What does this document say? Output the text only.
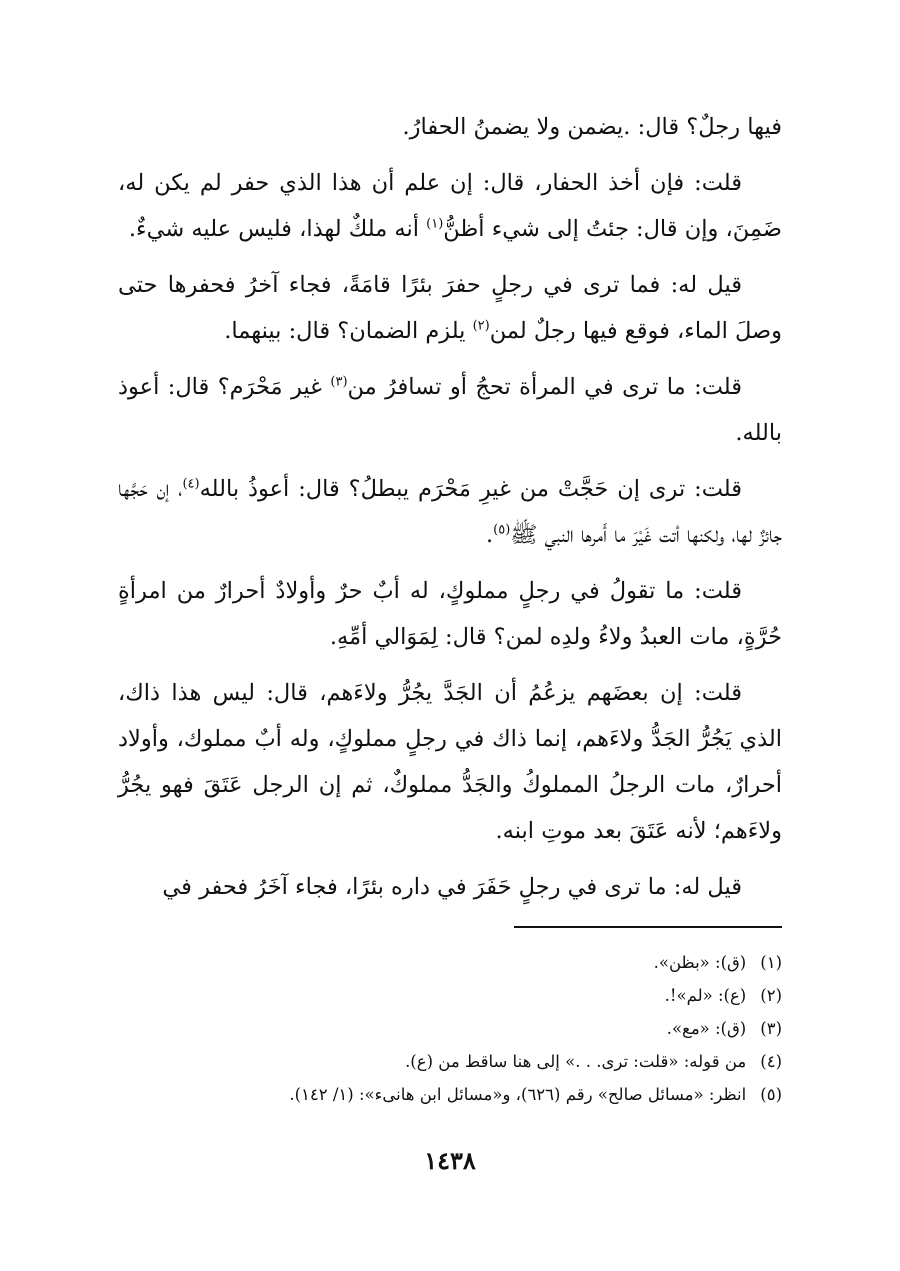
فيها رجلٌ؟ قال: .يضمن ولا يضمنُ الحفارُ.

قلت: فإن أخذ الحفار، قال: إن علم أن هذا الذي حفر لم يكن له، ضَمِنَ، وإن قال: جئتُ إلى شيء أظنُّ$^{(١)}$ أنه ملكٌ لهذا، فليس عليه شيءٌ.

قيل له: فما ترى في رجلٍ حفرَ بئرًا قامَةً، فجاء آخرُ فحفرها حتى وصلَ الماء، فوقع فيها رجلٌ لمن$^{(٢)}$ يلزم الضمان؟ قال: بينهما.

قلت: ما ترى في المرأة تحجُ أو تسافرُ من$^{(٣)}$ غير مَحْرَم؟ قال: أعوذ بالله.

قلت: ترى إن حَجَّتْ من غيرِ مَحْرَم يبطلُ؟ قال: أعوذُ بالله$^{(٤)}$، إن حَجَّها جائزٌ لها، ولكنها أتت غَيْرَ ما أَمرها النبي ﷺ$^{(٥)}$.

قلت: ما تقولُ في رجلٍ مملوكٍ، له أبٌ حرٌ وأولادٌ أحرارٌ من امرأةٍ حُرَّةٍ، مات العبدُ ولاءُ ولدِه لمن؟ قال: لِمَوَالي أمِّهِ.

قلت: إن بعضَهم يزعُمُ أن الجَدَّ يجُرُّ ولاءَهم، قال: ليس هذا ذاك، الذي يَجُرُّ الجَدُّ ولاءَهم، إنما ذاك في رجلٍ مملوكٍ، وله أبٌ مملوك، وأولاد أحرارٌ، مات الرجلُ المملوكُ والجَدُّ مملوكٌ، ثم إن الرجل عَتَقَ فهو يجُرُّ ولاءَهم؛ لأنه عَتَقَ بعد موتِ ابنه.

قيل له: ما ترى في رجلٍ حَفَرَ في داره بئرًا، فجاء آخَرُ فحفر في

(١)
(ق): «بظن».
(٢)
(ع): «لم»!.
(٣)
(ق): «مع».
(٤)
من قوله: «قلت: ترى. . .» إلى هنا ساقط من (ع).
(٥)
انظر: «مسائل صالح» رقم (٦٢٦)، و«مسائل ابن هانىء»: (١/ ١٤٢).
١٤٣٨
